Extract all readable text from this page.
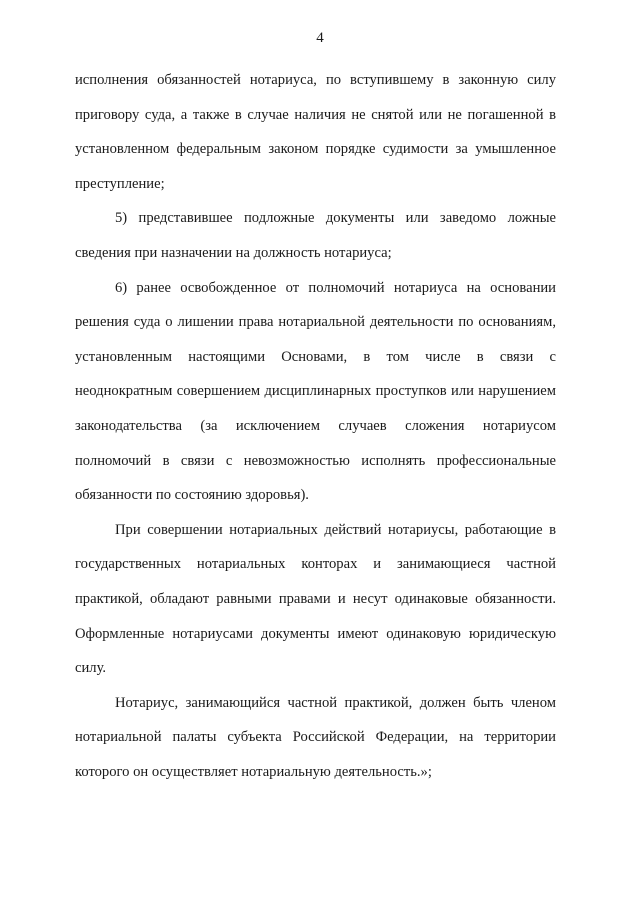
4

исполнения обязанностей нотариуса, по вступившему в законную силу приговору суда, а также в случае наличия не снятой или не погашенной в установленном федеральным законом порядке судимости за умышленное преступление;

5) представившее подложные документы или заведомо ложные сведения при назначении на должность нотариуса;

6) ранее освобожденное от полномочий нотариуса на основании решения суда о лишении права нотариальной деятельности по основаниям, установленным настоящими Основами, в том числе в связи с неоднократным совершением дисциплинарных проступков или нарушением законодательства (за исключением случаев сложения нотариусом полномочий в связи с невозможностью исполнять профессиональные обязанности по состоянию здоровья).

При совершении нотариальных действий нотариусы, работающие в государственных нотариальных конторах и занимающиеся частной практикой, обладают равными правами и несут одинаковые обязанности. Оформленные нотариусами документы имеют одинаковую юридическую силу.

Нотариус, занимающийся частной практикой, должен быть членом нотариальной палаты субъекта Российской Федерации, на территории которого он осуществляет нотариальную деятельность.»;
